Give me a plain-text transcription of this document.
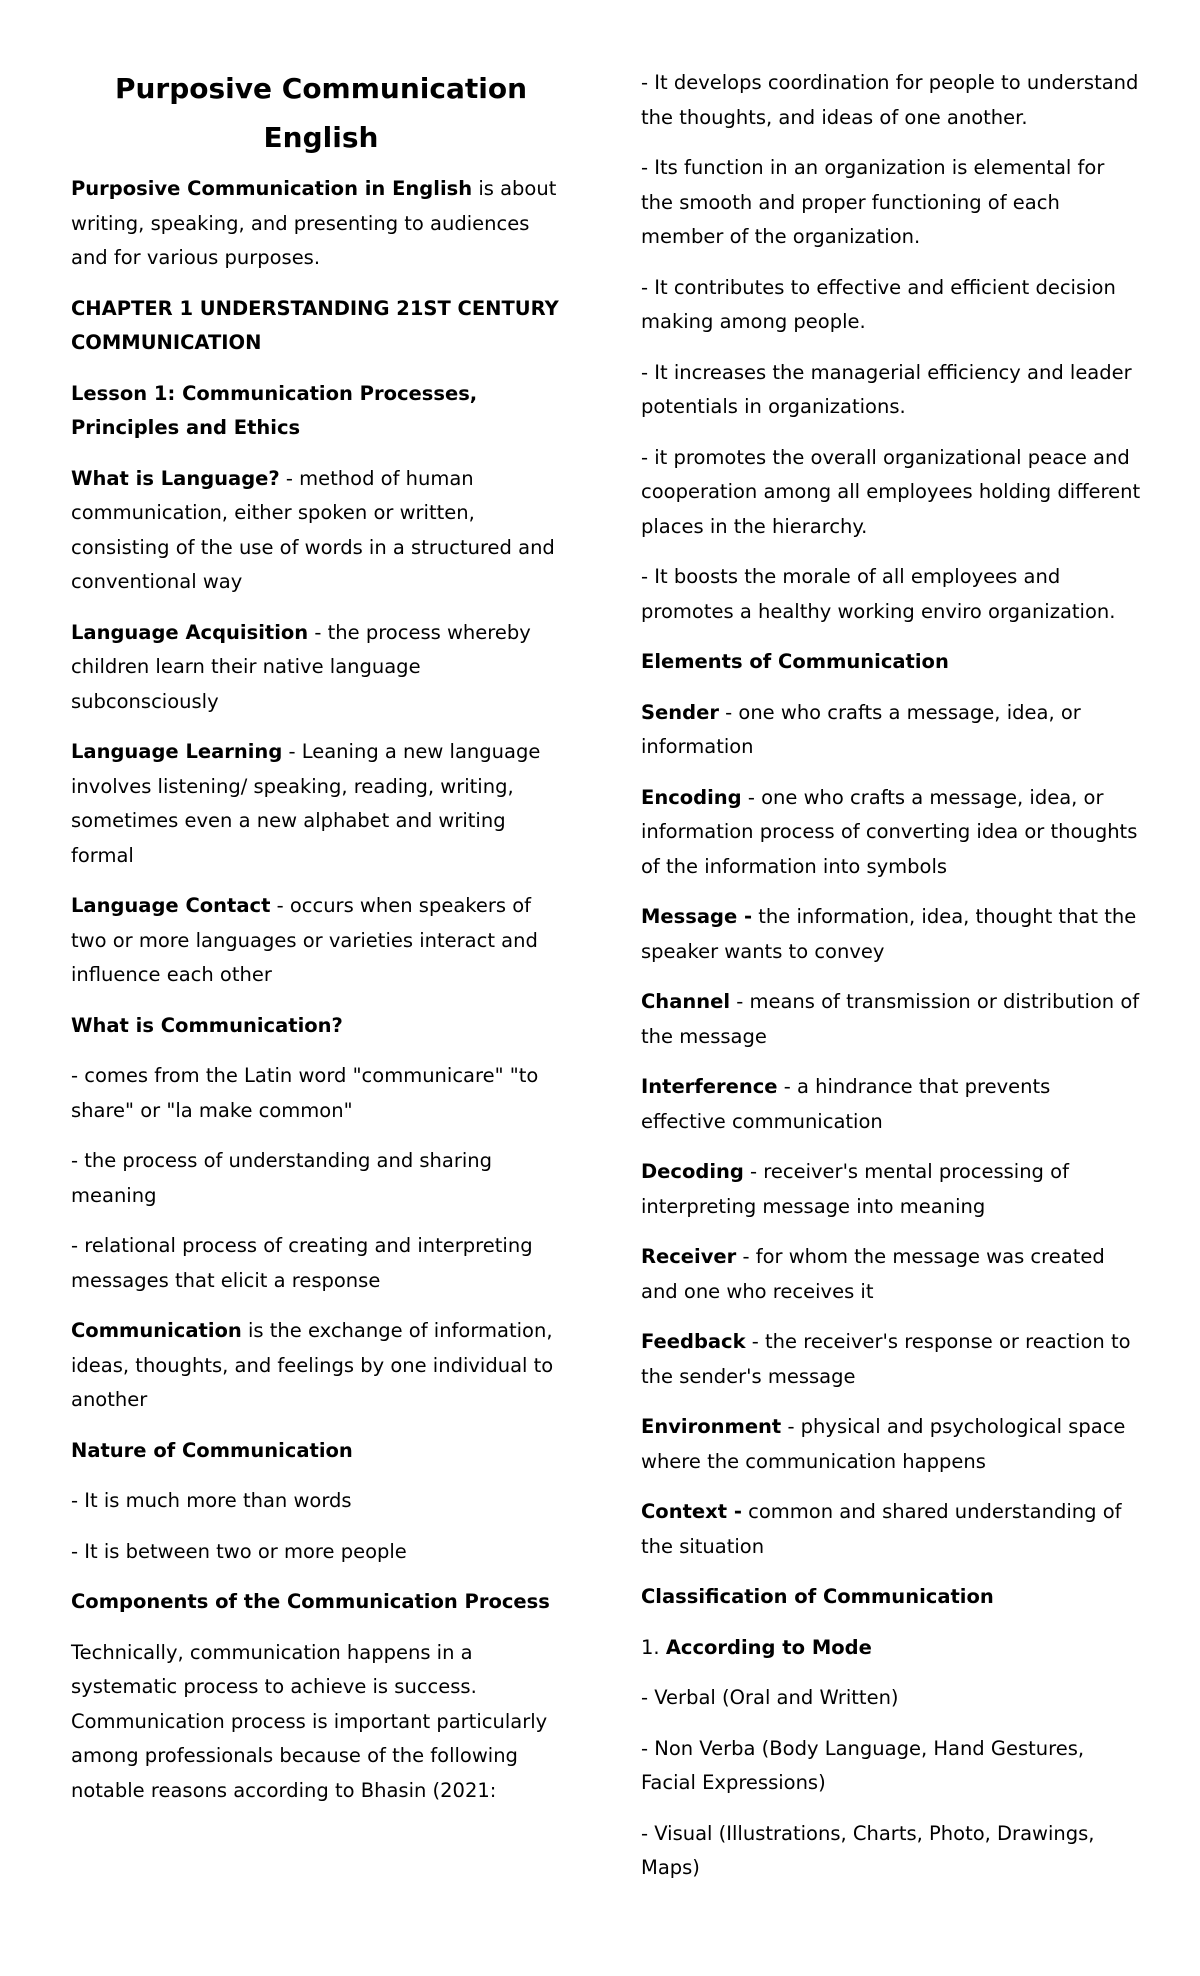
Purposive Communication English

Purposive Communication in English is about writing, speaking, and presenting to audiences and for various purposes.

CHAPTER 1 UNDERSTANDING 21ST CENTURY COMMUNICATION

Lesson 1: Communication Processes, Principles and Ethics

What is Language? - method of human communication, either spoken or written, consisting of the use of words in a structured and conventional way

Language Acquisition - the process whereby children learn their native language subconsciously

Language Learning - Leaning a new language involves listening/ speaking, reading, writing, sometimes even a new alphabet and writing formal

Language Contact - occurs when speakers of two or more languages or varieties interact and influence each other

What is Communication?

- comes from the Latin word "communicare" "to share" or "la make common"

- the process of understanding and sharing meaning

- relational process of creating and interpreting messages that elicit a response

Communication is the exchange of information, ideas, thoughts, and feelings by one individual to another

Nature of Communication

- It is much more than words

- It is between two or more people

Components of the Communication Process

Technically, communication happens in a systematic process to achieve is success. Communication process is important particularly among professionals because of the following notable reasons according to Bhasin (2021:

- It develops coordination for people to understand the thoughts, and ideas of one another.

- Its function in an organization is elemental for the smooth and proper functioning of each member of the organization.

- It contributes to effective and efficient decision making among people.

- It increases the managerial efficiency and leader potentials in organizations.

- it promotes the overall organizational peace and cooperation among all employees holding different places in the hierarchy.

- It boosts the morale of all employees and promotes a healthy working enviro organization.

Elements of Communication

Sender - one who crafts a message, idea, or information

Encoding - one who crafts a message, idea, or information process of converting idea or thoughts of the information into symbols

Message - the information, idea, thought that the speaker wants to convey

Channel - means of transmission or distribution of the message

Interference - a hindrance that prevents effective communication

Decoding - receiver's mental processing of interpreting message into meaning

Receiver - for whom the message was created and one who receives it

Feedback - the receiver's response or reaction to the sender's message

Environment - physical and psychological space where the communication happens

Context - common and shared understanding of the situation

Classification of Communication

1. According to Mode

- Verbal (Oral and Written)

- Non Verba (Body Language, Hand Gestures, Facial Expressions)

- Visual (Illustrations, Charts, Photo, Drawings, Maps)
